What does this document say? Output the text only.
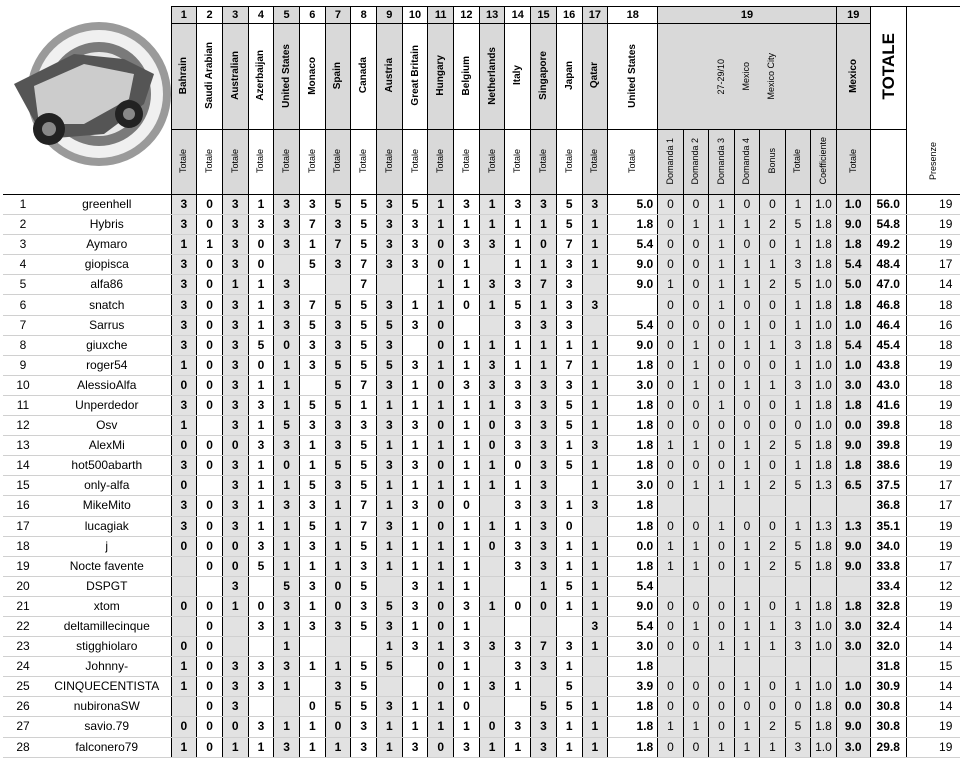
	1	2	3	4	5	6	7	8	9	10	11	12	13	14	15	16	17	18	19							19	TOTALE	
		Bahrain	Saudi Arabian	Australian	Azerbaijan	United States	Monaco	Spain	Canada	Austria	Great Britain	Hungary	Belgium	Netherlands	Italy	Singapore	Japan	Qatar	United States	27-29/10 Mexico Mexico City							Mexico		
		Totale	Totale	Totale	Totale	Totale	Totale	Totale	Totale	Totale	Totale	Totale	Totale	Totale	Totale	Totale	Totale	Totale	Totale	Domanda 1	Domanda 2	Domanda 3	Domanda 4	Bonus	Totale	Coefficiente	Totale		Presenze
1	greenhell	3	0	3	1	3	3	5	5	3	5	1	3	1	3	3	5	3	5.0	0	0	1	0	0	1	1.0	1.0	56.0	19
2	Hybris	3	0	3	3	3	7	3	5	3	3	1	1	1	1	1	5	1	1.8	0	1	1	1	2	5	1.8	9.0	54.8	19
3	Aymaro	1	1	3	0	3	1	7	5	3	3	0	3	3	1	0	7	1	5.4	0	0	1	0	0	1	1.8	1.8	49.2	19
4	giopisca	3	0	3	0		5	3	7	3	3	0	1		1	1	3	1	9.0	0	0	1	1	1	3	1.8	5.4	48.4	17
5	alfa86	3	0	1	1	3			7			1	1	3	3	7	3		9.0	1	0	1	1	2	5	1.0	5.0	47.0	14
6	snatch	3	0	3	1	3	7	5	5	3	1	1	0	1	5	1	3	3		0	0	1	0	0	1	1.8	1.8	46.8	18
7	Sarrus	3	0	3	1	3	5	3	5	5	3	0			3	3	3		5.4	0	0	0	1	0	1	1.0	1.0	46.4	16
8	giuxche	3	0	3	5	0	3	3	5	3		0	1	1	1	1	1	1	9.0	0	1	0	1	1	3	1.8	5.4	45.4	18
9	roger54	1	0	3	0	1	3	5	5	5	3	1	1	3	1	1	7	1	1.8	0	1	0	0	0	1	1.0	1.0	43.8	19
10	AlessioAlfa	0	0	3	1	1		5	7	3	1	0	3	3	3	3	3	1	3.0	0	1	0	1	1	3	1.0	3.0	43.0	18
11	Unperdedor	3	0	3	3	1	5	5	1	1	1	1	1	1	3	3	5	1	1.8	0	0	1	0	0	1	1.8	1.8	41.6	19
12	Osv	1		3	1	5	3	3	3	3	3	0	1	0	3	3	5	1	1.8	0	0	0	0	0	0	1.0	0.0	39.8	18
13	AlexMi	0	0	0	3	3	1	3	5	1	1	1	1	0	3	3	1	3	1.8	1	1	0	1	2	5	1.8	9.0	39.8	19
14	hot500abarth	3	0	3	1	0	1	5	5	3	3	0	1	1	0	3	5	1	1.8	0	0	0	1	0	1	1.8	1.8	38.6	19
15	only-alfa	0		3	1	1	5	3	5	1	1	1	1	1	1	3		1	3.0	0	1	1	1	2	5	1.3	6.5	37.5	17
16	MikeMito	3	0	3	1	3	3	1	7	1	3	0	0		3	3	1	3	1.8									36.8	17
17	lucagiak	3	0	3	1	1	5	1	7	3	1	0	1	1	1	3	0		1.8	0	0	1	0	0	1	1.3	1.3	35.1	19
18	j	0	0	0	3	1	3	1	5	1	1	1	1	0	3	3	1	1	0.0	1	1	0	1	2	5	1.8	9.0	34.0	19
19	Nocte favente		0	0	5	1	1	1	3	1	1	1	1		3	3	1	1	1.8	1	1	0	1	2	5	1.8	9.0	33.8	17
20	DSPGT			3		5	3	0	5		3	1	1			1	5	1	5.4									33.4	12
21	xtom	0	0	1	0	3	1	0	3	5	3	0	3	1	0	0	1	1	9.0	0	0	0	1	0	1	1.8	1.8	32.8	19
22	deltamillecinque		0		3	1	3	3	5	3	1	0	1					3	5.4	0	1	0	1	1	3	1.0	3.0	32.4	14
23	stigghiolaro	0	0			1				1	3	1	3	3	3	7	3	1	3.0	0	0	1	1	1	3	1.0	3.0	32.0	14
24	Johnny-	1	0	3	3	3	1	1	5	5		0	1		3	3	1		1.8									31.8	15
25	CINQUECENTISTA	1	0	3	3	1		3	5			0	1	3	1		5		3.9	0	0	0	1	0	1	1.0	1.0	30.9	14
26	nubironaSW		0	3			0	5	5	3	1	1	0			5	5	1	1.8	0	0	0	0	0	0	1.8	0.0	30.8	14
27	savio.79	0	0	0	3	1	1	0	3	1	1	1	1	0	3	3	1	1	1.8	1	1	0	1	2	5	1.8	9.0	30.8	19
28	falconero79	1	0	1	1	3	1	1	3	1	3	0	3	1	1	3	1	1	1.8	0	0	1	1	1	3	1.0	3.0	29.8	19
